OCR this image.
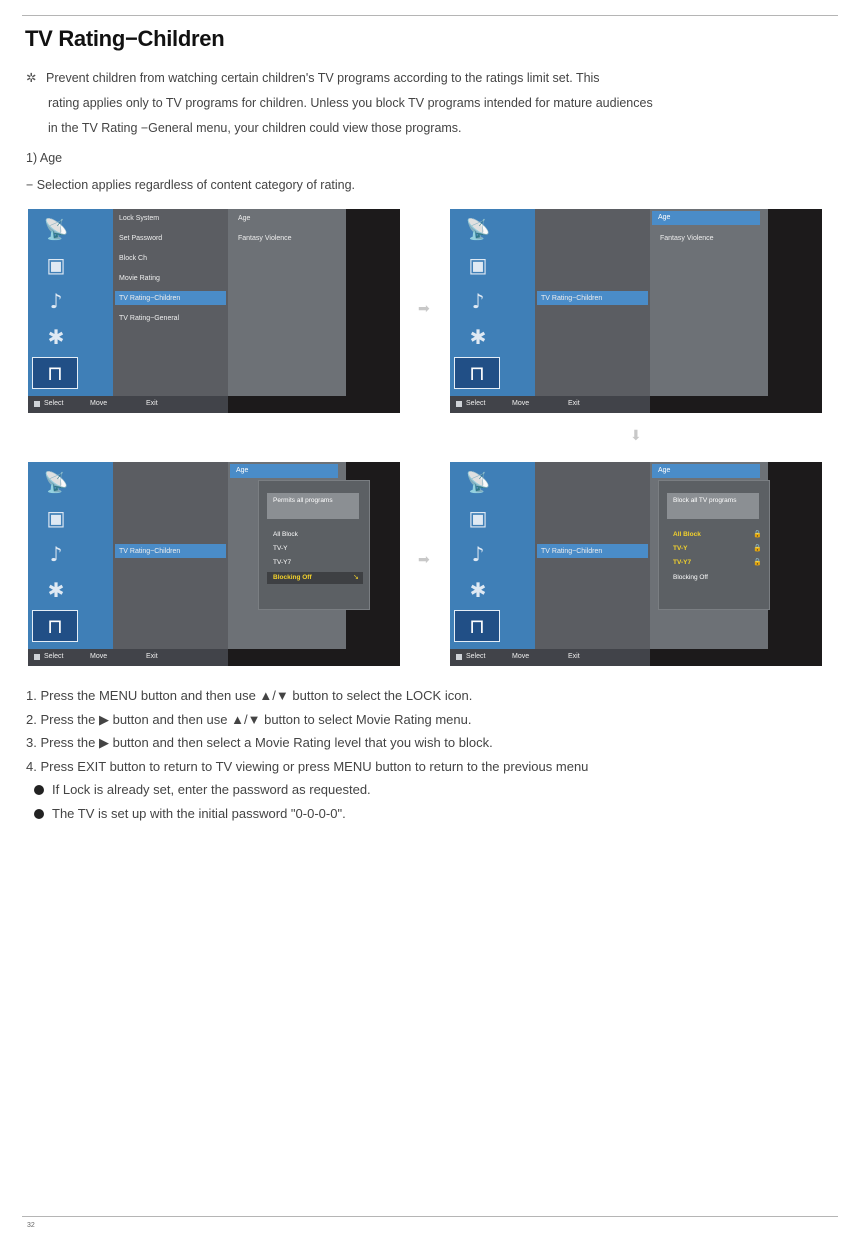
TV Rating−Children
✲ Prevent children from watching certain children's TV programs according to the ratings limit set. This
rating applies only to TV programs for children. Unless you block TV programs intended for mature audiences
in the TV Rating −General menu, your children could view those programs.
1) Age
− Selection applies regardless of content category of rating.
📡
▣
♪
✱
⊓
Lock System
Set Password
Block Ch
Movie Rating
TV Rating−Children
TV Rating−General
Age
Fantasy Violence
Select	Move	Exit
➡
📡
▣
♪
✱
⊓
TV Rating−Children
Age
Fantasy Violence
Select	Move	Exit
⬇
📡
▣
♪
✱
⊓
TV Rating−Children
Age
Permits all programs
All Block
TV-Y
TV-Y7
Blocking Off	↘
Select	Move	Exit
➡
📡
▣
♪
✱
⊓
TV Rating−Children
Age
Block all TV programs
All Block	🔒
TV-Y	🔒
TV-Y7	🔒
Blocking Off
Select	Move	Exit
1. Press the MENU button and then use ▲/▼ button to select the LOCK icon.
2. Press the ▶ button and then use ▲/▼ button to select Movie Rating menu.
3. Press the ▶ button and then select a Movie Rating level that you wish to block.
4. Press EXIT button to return to TV viewing or press MENU button to return to the previous menu
If Lock is already set, enter the password as requested.
The TV is set up with the initial password "0-0-0-0".
32
